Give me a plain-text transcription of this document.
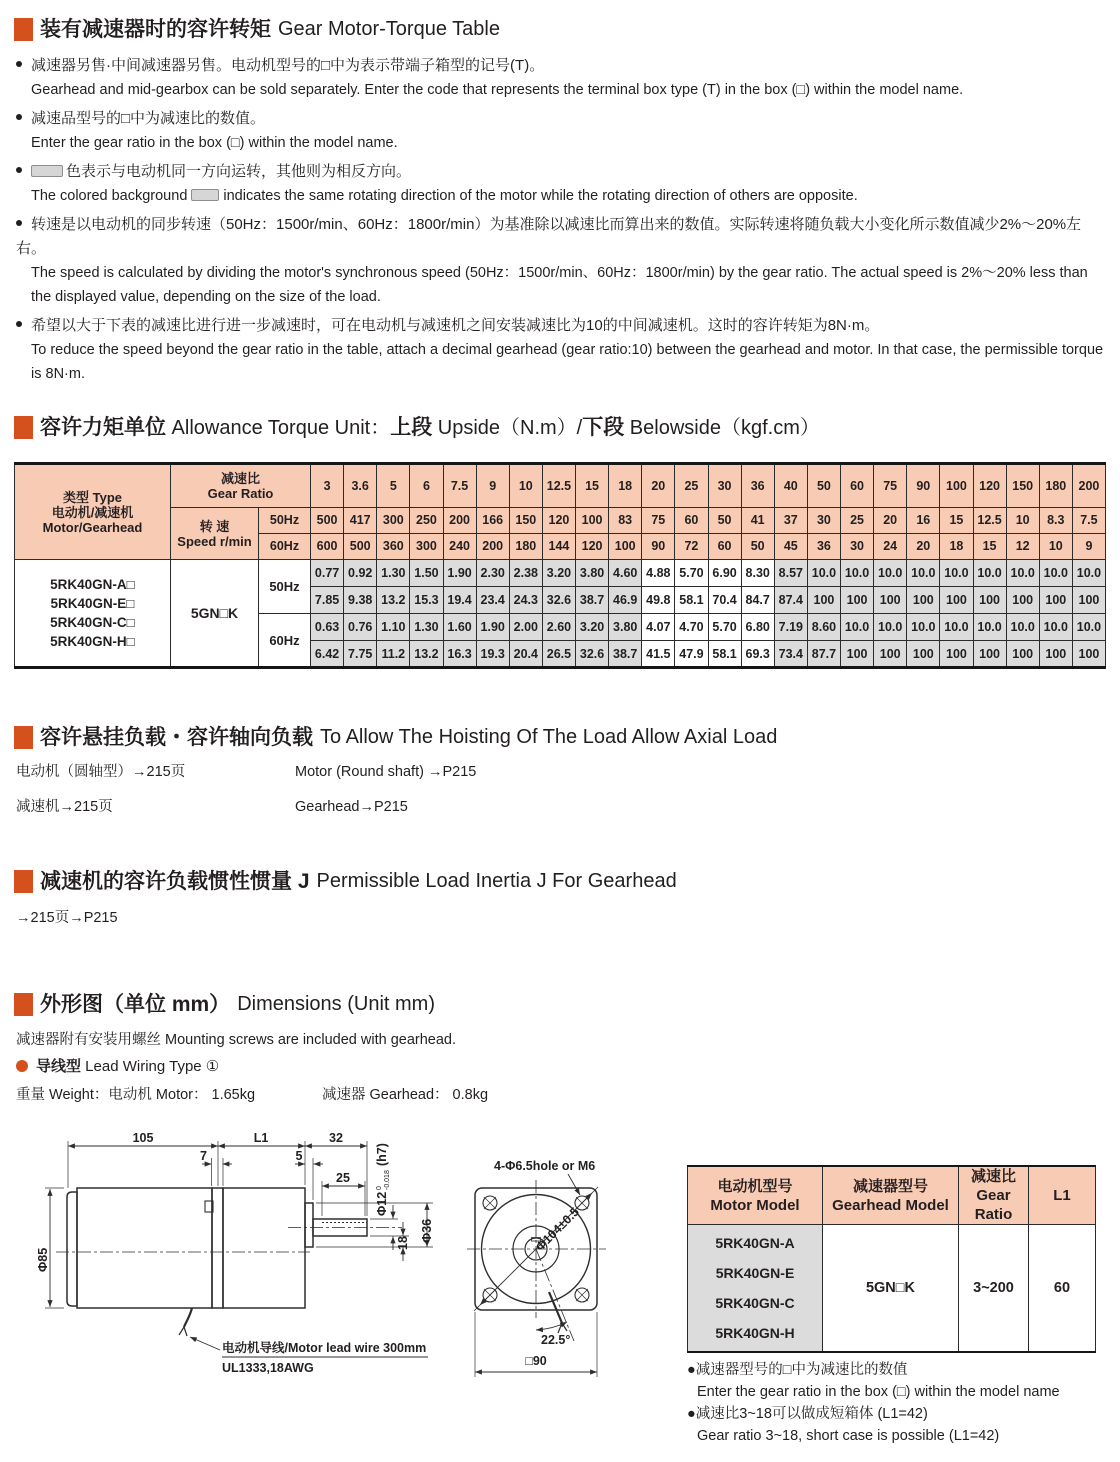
装有减速器时的容许转矩 Gear Motor-Torque Table
减速器另售·中间减速器另售。电动机型号的□中为表示带端子箱型的记号(T)。
Gearhead and mid-gearbox can be sold separately. Enter the code that represents the terminal box type (T) in the box (□) within the model name.
减速品型号的□中为减速比的数值。
Enter the gear ratio in the box (□) within the model name.
色表示与电动机同一方向运转，其他则为相反方向。
The colored background indicates the same rotating direction of the motor while the rotating direction of others are opposite.
转速是以电动机的同步转速（50Hz：1500r/min、60Hz：1800r/min）为基准除以减速比而算出来的数值。实际转速将随负载大小变化所示数值减少2%～20%左右。
The speed is calculated by dividing the motor's synchronous speed (50Hz：1500r/min、60Hz：1800r/min) by the gear ratio. The actual speed is 2%～20% less than the displayed value, depending on the size of the load.
希望以大于下表的减速比进行进一步减速时，可在电动机与减速机之间安装减速比为10的中间减速机。这时的容许转矩为8N·m。
To reduce the speed beyond the gear ratio in the table, attach a decimal gearhead (gear ratio:10) between the gearhead and motor. In that case, the permissible torque is 8N·m.
容许力矩单位 Allowance Torque Unit：上段 Upside（N.m）/下段 Belowside（kgf.cm）
类型 Type
电动机/减速机
Motor/Gearhead

减速比
Gear Ratio
	3	3.6	5	6	7.5	9	10	12.5	15	18	20	25	30	36	40	50	60	75	90	100	120	150	180	200

	转 速
Speed r/min	50Hz	500	417	300	250	200	166	150	120	100	83	75	60	50	41	37	30	25	20	16	15	12.5	10	8.3	7.5
		60Hz	600	500	360	300	240	200	180	144	120	100	90	72	60	50	45	36	30	24	20	18	15	12	10	9

5RK40GN-A□
5RK40GN-E□
5RK40GN-C□
5RK40GN-H□	5GN□K	50Hz	0.77	0.92	1.30	1.50	1.90	2.30	2.38	3.20	3.80	4.60	4.88	5.70	6.90	8.30	8.57	10.0	10.0	10.0	10.0	10.0	10.0	10.0	10.0	10.0
			7.85	9.38	13.2	15.3	19.4	23.4	24.3	32.6	38.7	46.9	49.8	58.1	70.4	84.7	87.4	100	100	100	100	100	100	100	100	100
		60Hz	0.63	0.76	1.10	1.30	1.60	1.90	2.00	2.60	3.20	3.80	4.07	4.70	5.70	6.80	7.19	8.60	10.0	10.0	10.0	10.0	10.0	10.0	10.0	10.0
			6.42	7.75	11.2	13.2	16.3	19.3	20.4	26.5	32.6	38.7	41.5	47.9	58.1	69.3	73.4	87.7	100	100	100	100	100	100	100	100
容许悬挂负载・容许轴向负载 To Allow The Hoisting Of The Load Allow Axial Load
电动机（圆轴型）→215页	Motor (Round shaft) →P215
减速机→215页	Gearhead→P215
减速机的容许负载惯性惯量 J Permissible Load Inertia J For Gearhead
→215页→P215
外形图（单位 mm） Dimensions (Unit mm)
减速器附有安装用螺丝 Mounting screws are included with gearhead.
导线型 Lead Wiring Type ①
重量 Weight：电动机 Motor： 1.65kg	减速器 Gearhead： 0.8kg
105	L1	32
7	5
25
Φ12
0 -0.018
(h7)
18
Φ36
Φ85
电动机导线/Motor lead wire 300mm
UL1333,18AWG
4-Φ6.5hole or M6
Φ104±0.5
22.5°
□90
电动机型号
Motor Model

减速器型号
Gearhead Model

减速比
Gear Ratio

L1

5RK40GN-A
5RK40GN-E
5RK40GN-C
5RK40GN-H	5GN□K	3~200	60
●减速器型号的□中为减速比的数值
Enter the gear ratio in the box (□) within the model name
●减速比3~18可以做成短箱体 (L1=42)
Gear ratio 3~18, short case is possible (L1=42)
